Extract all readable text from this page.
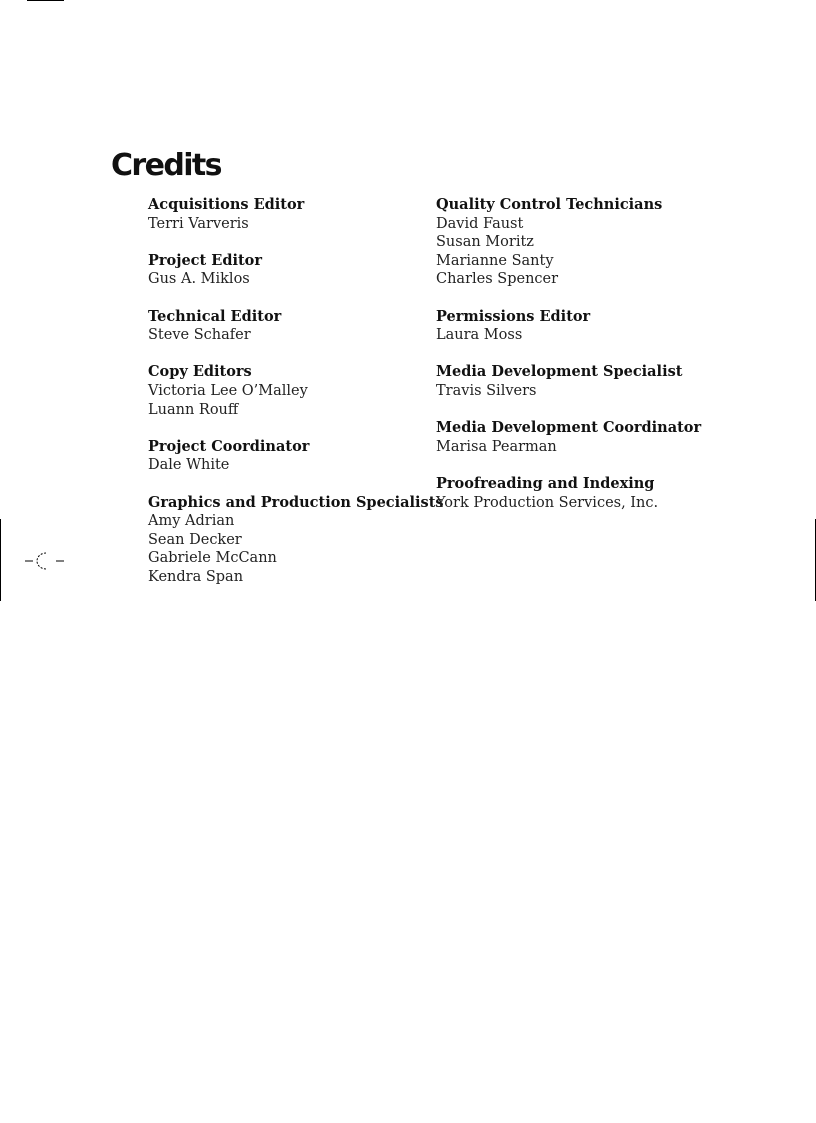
Credits
Acquisitions Editor
Terri Varveris
Project Editor
Gus A. Miklos
Technical Editor
Steve Schafer
Copy Editors
Victoria Lee O’Malley
Luann Rouff
Project Coordinator
Dale White
Graphics and Production Specialists
Amy Adrian
Sean Decker
Gabriele McCann
Kendra Span
Quality Control Technicians
David Faust
Susan Moritz
Marianne Santy
Charles Spencer
Permissions Editor
Laura Moss
Media Development Specialist
Travis Silvers
Media Development Coordinator
Marisa Pearman
Proofreading and Indexing
York Production Services, Inc.
